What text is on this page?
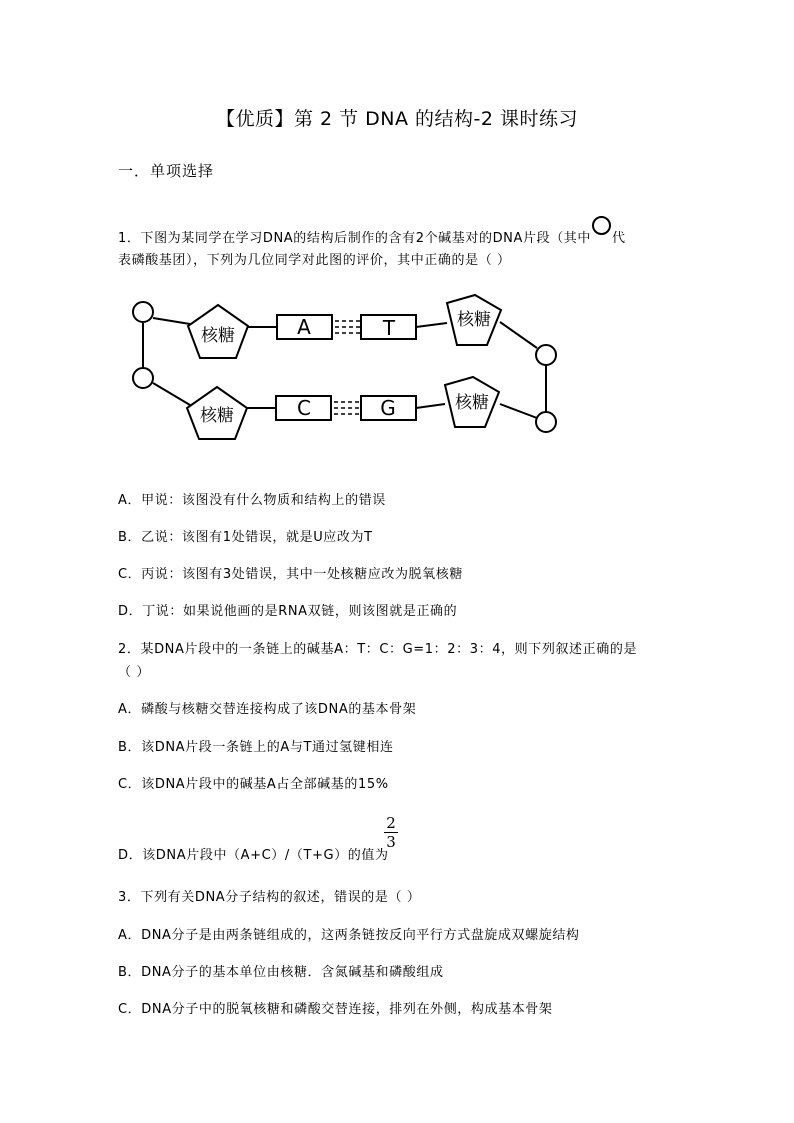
【优质】第 2 节 DNA 的结构-2 课时练习
一．单项选择
1．下图为某同学在学习DNA的结构后制作的含有2个碱基对的DNA片段（其中 代
表磷酸基团），下列为几位同学对此图的评价，其中正确的是（ ）
核糖
核糖
核糖
核糖
A	T
C	G
A．甲说：该图没有什么物质和结构上的错误
B．乙说：该图有1处错误，就是U应改为T
C．丙说：该图有3处错误，其中一处核糖应改为脱氧核糖
D．丁说：如果说他画的是RNA双链，则该图就是正确的
2．某DNA片段中的一条链上的碱基A：T：C：G=1：2：3：4，则下列叙述正确的是
（ ）
A．磷酸与核糖交替连接构成了该DNA的基本骨架
B．该DNA片段一条链上的A与T通过氢键相连
C．该DNA片段中的碱基A占全部碱基的15%
D．该DNA片段中（A+C）/（T+G）的值为
$\frac{2}{3}$
3．下列有关DNA分子结构的叙述，错误的是（ ）
A．DNA分子是由两条链组成的，这两条链按反向平行方式盘旋成双螺旋结构
B．DNA分子的基本单位由核糖．含氮碱基和磷酸组成
C．DNA分子中的脱氧核糖和磷酸交替连接，排列在外侧，构成基本骨架
